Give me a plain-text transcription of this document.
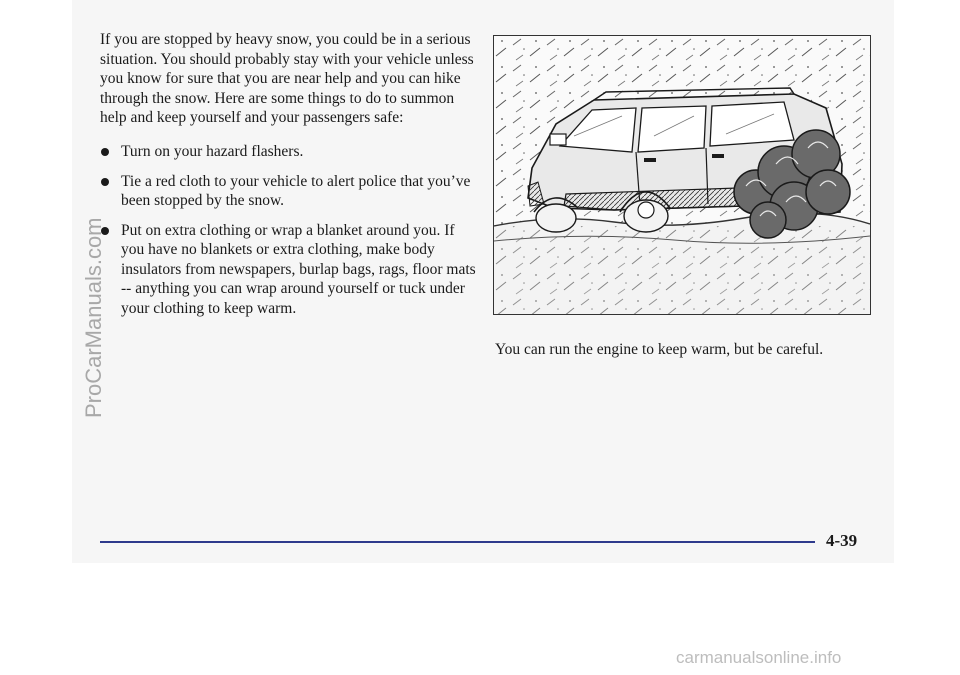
If you are stopped by heavy snow, you could be in a serious situation. You should probably stay with your vehicle unless you know for sure that you are near help and you can hike through the snow. Here are some things to do to summon help and keep yourself and your passengers safe:

Turn on your hazard flashers.
Tie a red cloth to your vehicle to alert police that you’ve been stopped by the snow.
Put on extra clothing or wrap a blanket around you. If you have no blankets or extra clothing, make body insulators from newspapers, burlap bags, rags, floor mats -- anything you can wrap around yourself or tuck under your clothing to keep warm.

You can run the engine to keep warm, but be careful.

4-39
ProCarManuals.com
carmanualsonline.info
